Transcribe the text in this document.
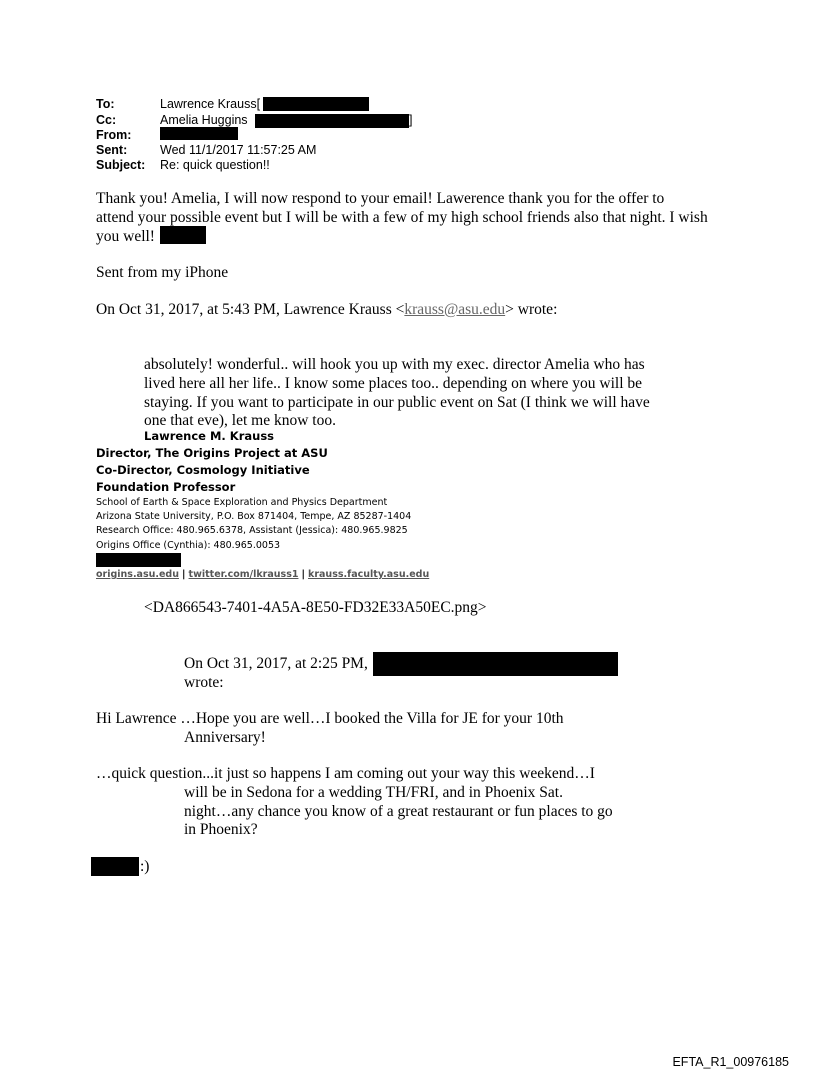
To:	Lawrence Krauss[
Cc:	Amelia Huggins	]
From:
Sent:	Wed 11/1/2017 11:57:25 AM
Subject: Re: quick question!!
Thank you! Amelia, I will now respond to your email! Lawerence thank you for the offer to
attend your possible event but I will be with a few of my high school friends also that night. I wish
you well!
Sent from my iPhone
On Oct 31, 2017, at 5:43 PM, Lawrence Krauss <krauss@asu.edu> wrote:
absolutely! wonderful.. will hook you up with my exec. director Amelia who has
lived here all her life.. I know some places too.. depending on where you will be
staying. If you want to participate in our public event on Sat (I think we will have
one that eve), let me know too.
Lawrence M. Krauss
Director, The Origins Project at ASU
Co-Director, Cosmology Initiative
Foundation Professor
School of Earth & Space Exploration and Physics Department
Arizona State University, P.O. Box 871404, Tempe, AZ 85287-1404
Research Office: 480.965.6378, Assistant (Jessica): 480.965.9825
Origins Office (Cynthia): 480.965.0053
origins.asu.edu | twitter.com/lkrauss1 | krauss.faculty.asu.edu
<DA866543-7401-4A5A-8E50-FD32E33A50EC.png>
On Oct 31, 2017, at 2:25 PM,
wrote:
Hi Lawrence …Hope you are well…I booked the Villa for JE for your 10th
Anniversary!
…quick question...it just so happens I am coming out your way this weekend…I
will be in Sedona for a wedding TH/FRI, and in Phoenix Sat.
night…any chance you know of a great restaurant or fun places to go
in Phoenix?
:)
EFTA_R1_00976185
